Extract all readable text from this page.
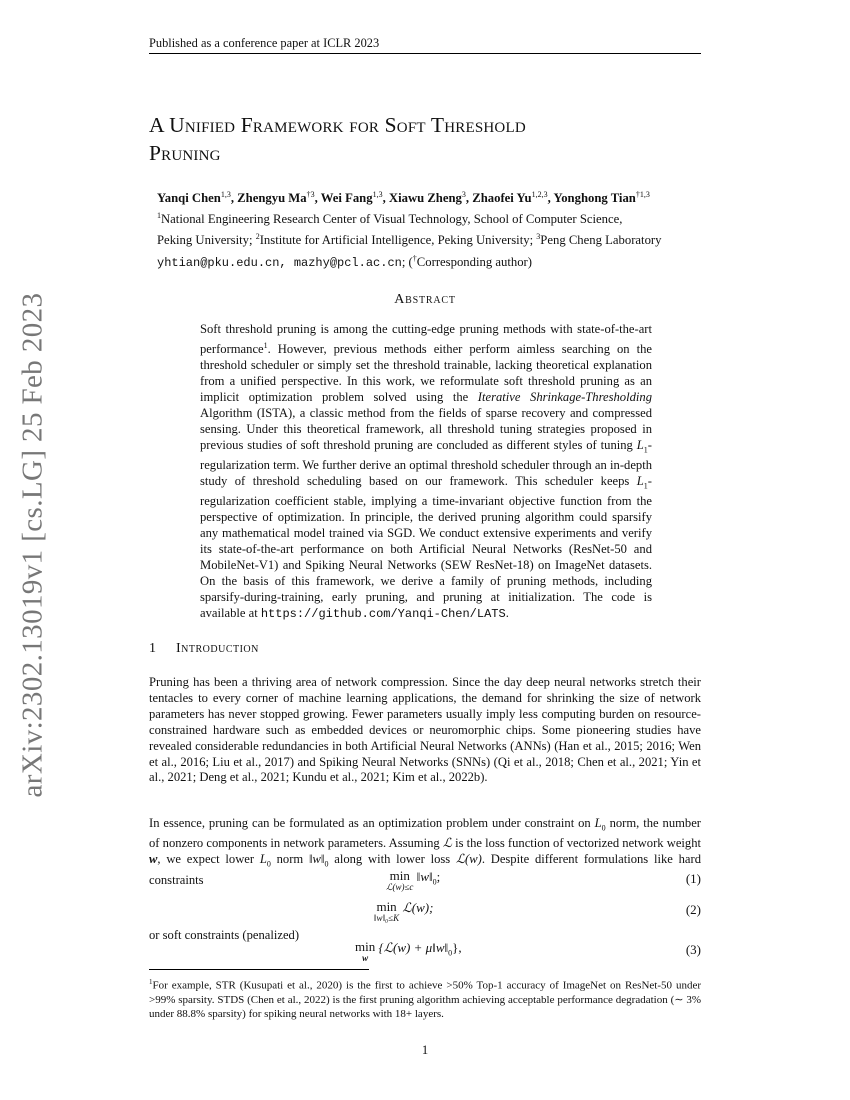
Published as a conference paper at ICLR 2023
arXiv:2302.13019v1 [cs.LG] 25 Feb 2023
A Unified Framework for Soft Threshold
Pruning
Yanqi Chen$^{1,3}$, Zhengyu Ma$^{\dagger 3}$, Wei Fang$^{1,3}$, Xiawu Zheng$^3$, Zhaofei Yu$^{1,2,3}$, Yonghong Tian$^{\dagger 1,3}$
$^1$National Engineering Research Center of Visual Technology, School of Computer Science,
Peking University; $^2$Institute for Artificial Intelligence, Peking University; $^3$Peng Cheng Laboratory
yhtian@pku.edu.cn, mazhy@pcl.ac.cn; (†Corresponding author)
Abstract
Soft threshold pruning is among the cutting-edge pruning methods with state-of-the-art performance$^1$. However, previous methods either perform aimless searching on the threshold scheduler or simply set the threshold trainable, lacking theoretical explanation from a unified perspective. In this work, we reformulate soft threshold pruning as an implicit optimization problem solved using the Iterative Shrinkage-Thresholding Algorithm (ISTA), a classic method from the fields of sparse recovery and compressed sensing. Under this theoretical framework, all threshold tuning strategies proposed in previous studies of soft threshold pruning are concluded as different styles of tuning $L_1$-regularization term. We further derive an optimal threshold scheduler through an in-depth study of threshold scheduling based on our framework. This scheduler keeps $L_1$-regularization coefficient stable, implying a time-invariant objective function from the perspective of optimization. In principle, the derived pruning algorithm could sparsify any mathematical model trained via SGD. We conduct extensive experiments and verify its state-of-the-art performance on both Artificial Neural Networks (ResNet-50 and MobileNet-V1) and Spiking Neural Networks (SEW ResNet-18) on ImageNet datasets. On the basis of this framework, we derive a family of pruning methods, including sparsify-during-training, early pruning, and pruning at initialization. The code is available at https://github.com/Yanqi-Chen/LATS.
1 Introduction
Pruning has been a thriving area of network compression. Since the day deep neural networks stretch their tentacles to every corner of machine learning applications, the demand for shrinking the size of network parameters has never stopped growing. Fewer parameters usually imply less computing burden on resource-constrained hardware such as embedded devices or neuromorphic chips. Some pioneering studies have revealed considerable redundancies in both Artificial Neural Networks (ANNs) (Han et al., 2015; 2016; Wen et al., 2016; Liu et al., 2017) and Spiking Neural Networks (SNNs) (Qi et al., 2018; Chen et al., 2021; Yin et al., 2021; Deng et al., 2021; Kundu et al., 2021; Kim et al., 2022b).
In essence, pruning can be formulated as an optimization problem under constraint on $L_0$ norm, the number of nonzero components in network parameters. Assuming ℒ is the loss function of vectorized network weight w, we expect lower $L_0$ norm $‖w‖_0$ along with lower loss ℒ(w). Despite different formulations like hard constraints	min
ℒ(w)≤c
$‖w‖_0$;	(1)
min
‖w‖₀≤K
ℒ(w);	(2)
or soft constraints (penalized)
min
w
{ℒ(w) + $\mu‖w‖_0$},	(3)
$^1$For example, STR (Kusupati et al., 2020) is the first to achieve >50% Top-1 accuracy of ImageNet on ResNet-50 under >99% sparsity. STDS (Chen et al., 2022) is the first pruning algorithm achieving acceptable performance degradation (∼ 3% under 88.8% sparsity) for spiking neural networks with 18+ layers.
1
